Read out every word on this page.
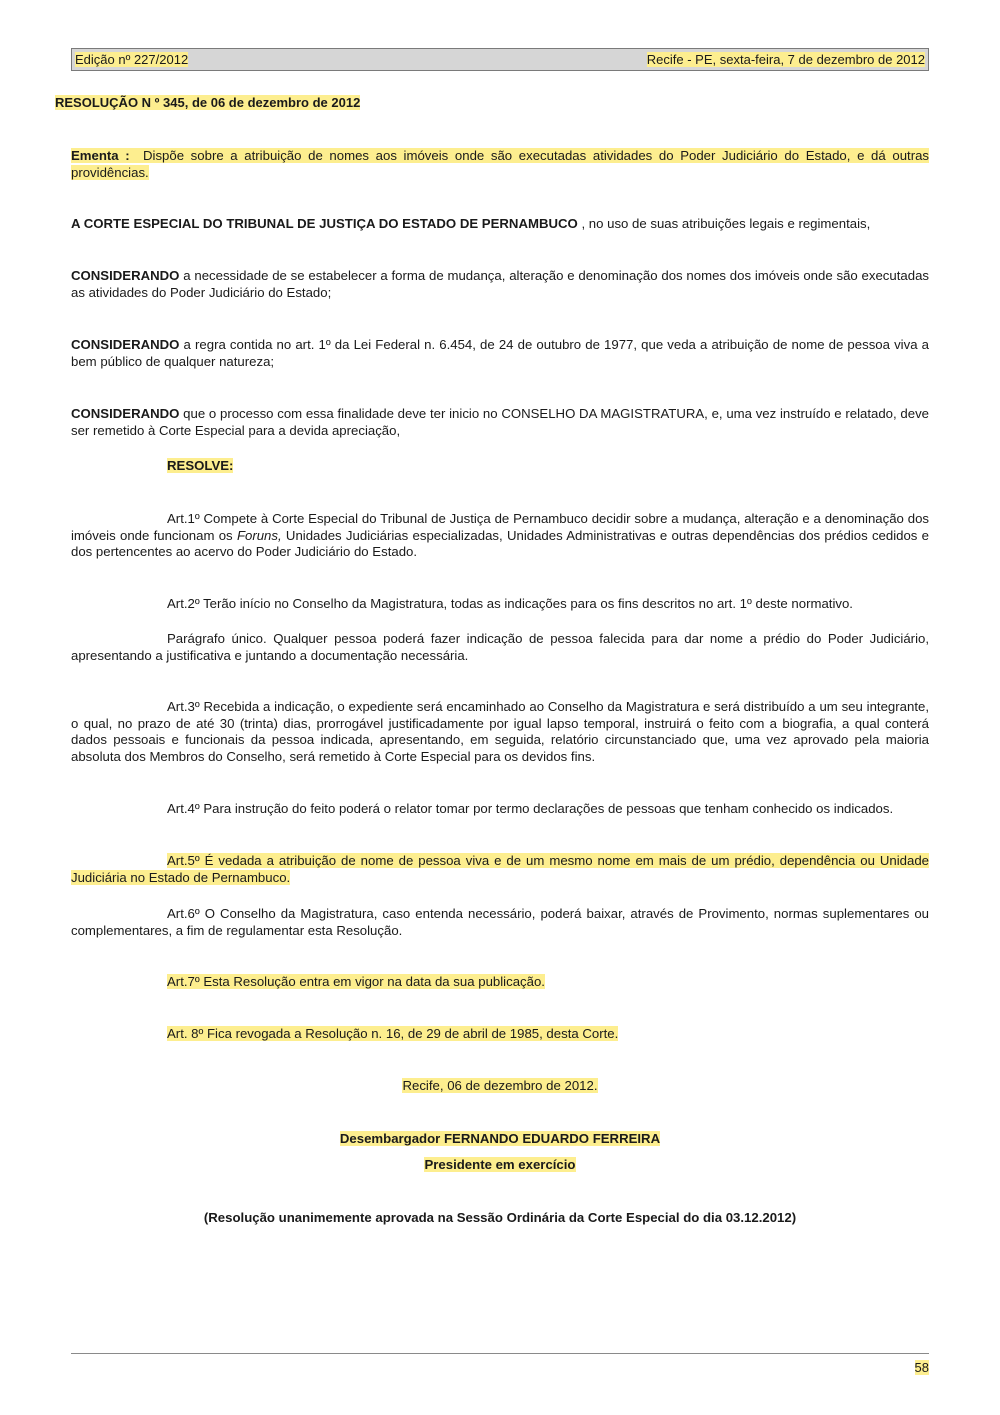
Edição nº 227/2012	Recife - PE, sexta-feira, 7 de dezembro de 2012
RESOLUÇÃO N º 345, de 06 de dezembro de 2012
Ementa : Dispõe sobre a atribuição de nomes aos imóveis onde são executadas atividades do Poder Judiciário do Estado, e dá outras providências.
A CORTE ESPECIAL DO TRIBUNAL DE JUSTIÇA DO ESTADO DE PERNAMBUCO , no uso de suas atribuições legais e regimentais,
CONSIDERANDO a necessidade de se estabelecer a forma de mudança, alteração e denominação dos nomes dos imóveis onde são executadas as atividades do Poder Judiciário do Estado;
CONSIDERANDO a regra contida no art. 1º da Lei Federal n. 6.454, de 24 de outubro de 1977, que veda a atribuição de nome de pessoa viva a bem público de qualquer natureza;
CONSIDERANDO que o processo com essa finalidade deve ter inicio no CONSELHO DA MAGISTRATURA, e, uma vez instruído e relatado, deve ser remetido à Corte Especial para a devida apreciação,
RESOLVE:
Art.1º Compete à Corte Especial do Tribunal de Justiça de Pernambuco decidir sobre a mudança, alteração e a denominação dos imóveis onde funcionam os Foruns, Unidades Judiciárias especializadas, Unidades Administrativas e outras dependências dos prédios cedidos e dos pertencentes ao acervo do Poder Judiciário do Estado.
Art.2º Terão início no Conselho da Magistratura, todas as indicações para os fins descritos no art. 1º deste normativo.
Parágrafo único. Qualquer pessoa poderá fazer indicação de pessoa falecida para dar nome a prédio do Poder Judiciário, apresentando a justificativa e juntando a documentação necessária.
Art.3º Recebida a indicação, o expediente será encaminhado ao Conselho da Magistratura e será distribuído a um seu integrante, o qual, no prazo de até 30 (trinta) dias, prorrogável justificadamente por igual lapso temporal, instruirá o feito com a biografia, a qual conterá dados pessoais e funcionais da pessoa indicada, apresentando, em seguida, relatório circunstanciado que, uma vez aprovado pela maioria absoluta dos Membros do Conselho, será remetido à Corte Especial para os devidos fins.
Art.4º Para instrução do feito poderá o relator tomar por termo declarações de pessoas que tenham conhecido os indicados.
Art.5º É vedada a atribuição de nome de pessoa viva e de um mesmo nome em mais de um prédio, dependência ou Unidade Judiciária no Estado de Pernambuco.
Art.6º O Conselho da Magistratura, caso entenda necessário, poderá baixar, através de Provimento, normas suplementares ou complementares, a fim de regulamentar esta Resolução.
Art.7º Esta Resolução entra em vigor na data da sua publicação.
Art. 8º Fica revogada a Resolução n. 16, de 29 de abril de 1985, desta Corte.
Recife, 06 de dezembro de 2012.
Desembargador FERNANDO EDUARDO FERREIRA
Presidente em exercício
(Resolução unanimemente aprovada na Sessão Ordinária da Corte Especial do dia 03.12.2012)
58
